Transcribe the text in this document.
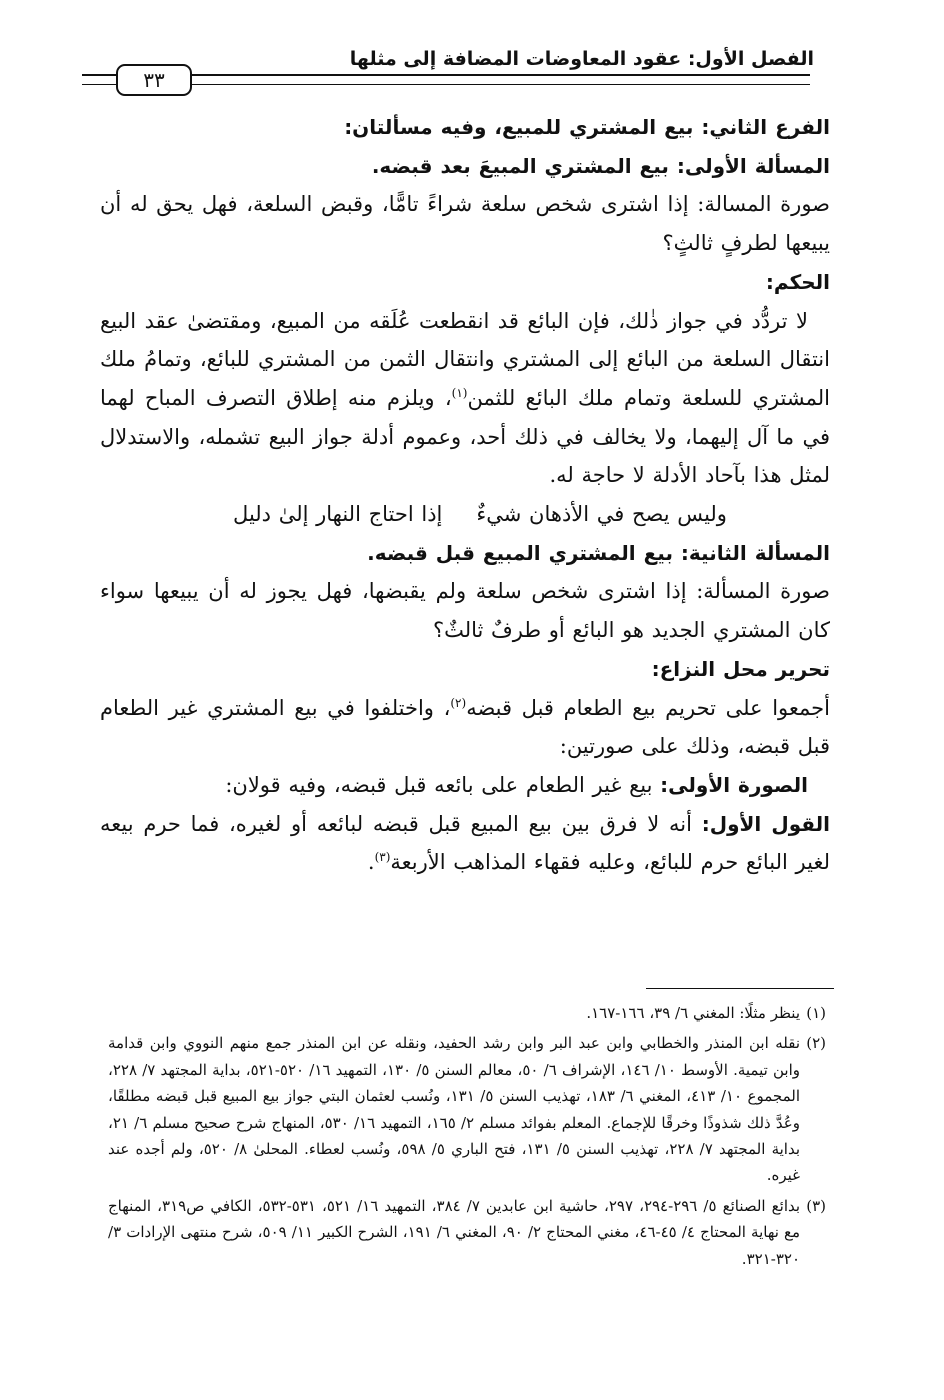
الفصل الأول: عقود المعاوضات المضافة إلى مثلها
٣٣

الفرع الثاني: بيع المشتري للمبيع، وفيه مسألتان:

المسألة الأولى: بيع المشتري المبيعَ بعد قبضه.

صورة المسالة: إذا اشترى شخص سلعة شراءً تامًّا، وقبض السلعة، فهل يحق له أن يبيعها لطرفٍ ثالثٍ؟

الحكم:

لا تردُّد في جواز ذٰلك، فإن البائع قد انقطعت عُلَقه من المبيع، ومقتضىٰ عقد البيع انتقال السلعة من البائع إلى المشتري وانتقال الثمن من المشتري للبائع، وتمامُ ملك المشتري للسلعة وتمام ملك البائع للثمن$^{(١)}$، ويلزم منه إطلاق التصرف المباح لهما في ما آل إليهما، ولا يخالف في ذلك أحد، وعموم أدلة جواز البيع تشمله، والاستدلال لمثل هذا بآحاد الأدلة لا حاجة له.

وليس يصح في الأذهان شيءٌ
إذا احتاج النهار إلىٰ دليل

المسألة الثانية: بيع المشتري المبيع قبل قبضه.

صورة المسألة: إذا اشترى شخص سلعة ولم يقبضها، فهل يجوز له أن يبيعها سواء كان المشتري الجديد هو البائع أو طرفٌ ثالثٌ؟

تحرير محل النزاع:

أجمعوا على تحريم بيع الطعام قبل قبضه$^{(٢)}$، واختلفوا في بيع المشتري غير الطعام قبل قبضه، وذلك على صورتين:

الصورة الأولى: بيع غير الطعام على بائعه قبل قبضه، وفيه قولان:

القول الأول: أنه لا فرق بين بيع المبيع قبل قبضه لبائعه أو لغيره، فما حرم بيعه لغير البائع حرم للبائع، وعليه فقهاء المذاهب الأربعة$^{(٣)}$.

(١)
ينظر مثلًا: المغني ٦/ ٣٩، ١٦٦-١٦٧.

(٢)
نقله ابن المنذر والخطابي وابن عبد البر وابن رشد الحفيد، ونقله عن ابن المنذر جمع منهم النووي وابن قدامة وابن تيمية. الأوسط ١٠/ ١٤٦، الإشراف ٦/ ٥٠، معالم السنن ٥/ ١٣٠، التمهيد ١٦/ ٥٢٠-٥٢١، بداية المجتهد ٧/ ٢٢٨، المجموع ١٠/ ٤١٣، المغني ٦/ ١٨٣، تهذيب السنن ٥/ ١٣١، ونُسب لعثمان البتي جواز بيع المبيع قبل قبضه مطلقًا، وعُدَّ ذلك شذوذًا وخرقًا للإجماع. المعلم بفوائد مسلم ٢/ ١٦٥، التمهيد ١٦/ ٥٣٠، المنهاج شرح صحيح مسلم ٦/ ٢١، بداية المجتهد ٧/ ٢٢٨، تهذيب السنن ٥/ ١٣١، فتح الباري ٥/ ٥٩٨، ونُسب لعطاء. المحلىٰ ٨/ ٥٢٠، ولم أجده عند غيره.

(٣)
بدائع الصنائع ٥/ ٢٩٦-٢٩٤، ٢٩٧، حاشية ابن عابدين ٧/ ٣٨٤، التمهيد ١٦/ ٥٢١، ٥٣١-٥٣٢، الكافي ص٣١٩، المنهاج مع نهاية المحتاج ٤/ ٤٥-٤٦، مغني المحتاج ٢/ ٩٠، المغني ٦/ ١٩١، الشرح الكبير ١١/ ٥٠٩، شرح منتهى الإرادات ٣/ ٣٢٠-٣٢١.
